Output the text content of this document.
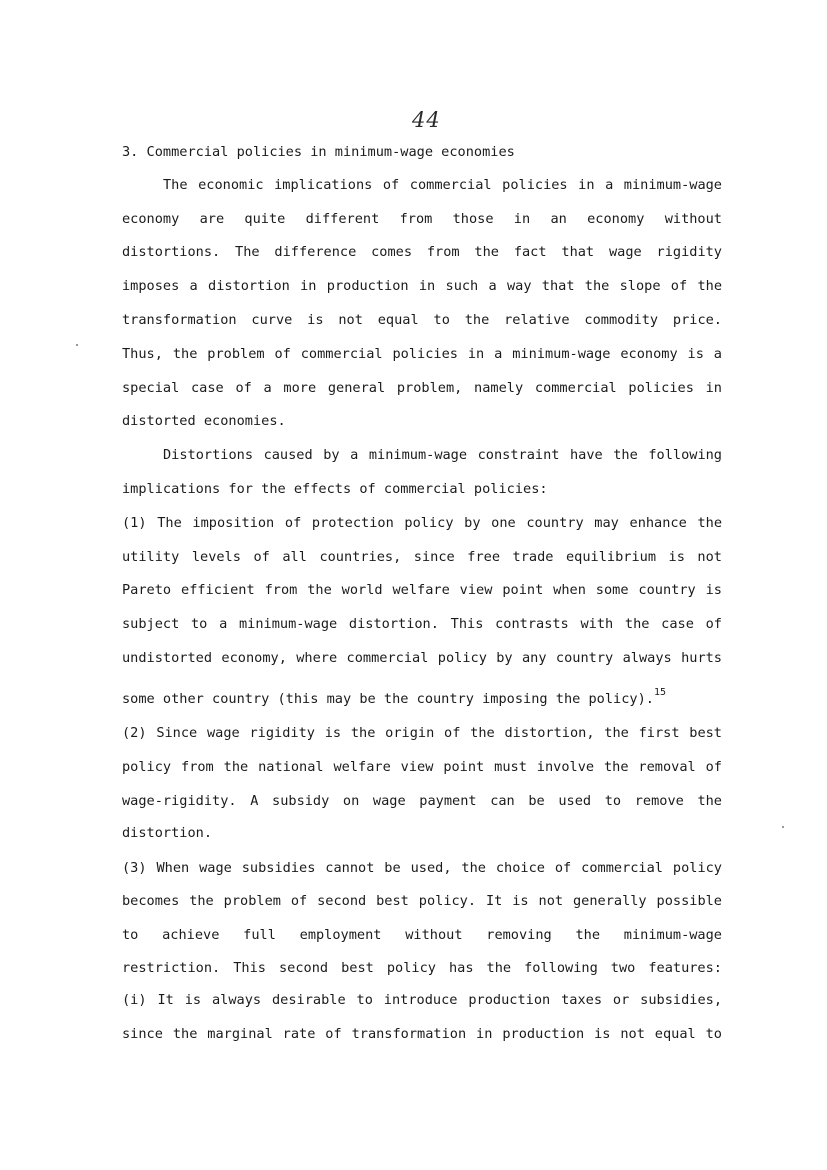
44
3. Commercial policies in minimum-wage economies
The economic implications of commercial policies in a minimum-wage
economy are quite different from those in an economy without
distortions. The difference comes from the fact that wage rigidity
imposes a distortion in production in such a way that the slope of the
transformation curve is not equal to the relative commodity price.
Thus, the problem of commercial policies in a minimum-wage economy is a
special case of a more general problem, namely commercial policies in
distorted economies.
Distortions caused by a minimum-wage constraint have the following
implications for the effects of commercial policies:
(1) The imposition of protection policy by one country may enhance the
utility levels of all countries, since free trade equilibrium is not
Pareto efficient from the world welfare view point when some country is
subject to a minimum-wage distortion. This contrasts with the case of
undistorted economy, where commercial policy by any country always hurts
some other country (this may be the country imposing the policy).$^{15}$
(2) Since wage rigidity is the origin of the distortion, the first best
policy from the national welfare view point must involve the removal of
wage-rigidity. A subsidy on wage payment can be used to remove the
distortion.
(3) When wage subsidies cannot be used, the choice of commercial policy
becomes the problem of second best policy. It is not generally possible
to achieve full employment without removing the minimum-wage
restriction. This second best policy has the following two features:
(i) It is always desirable to introduce production taxes or subsidies,
since the marginal rate of transformation in production is not equal to
